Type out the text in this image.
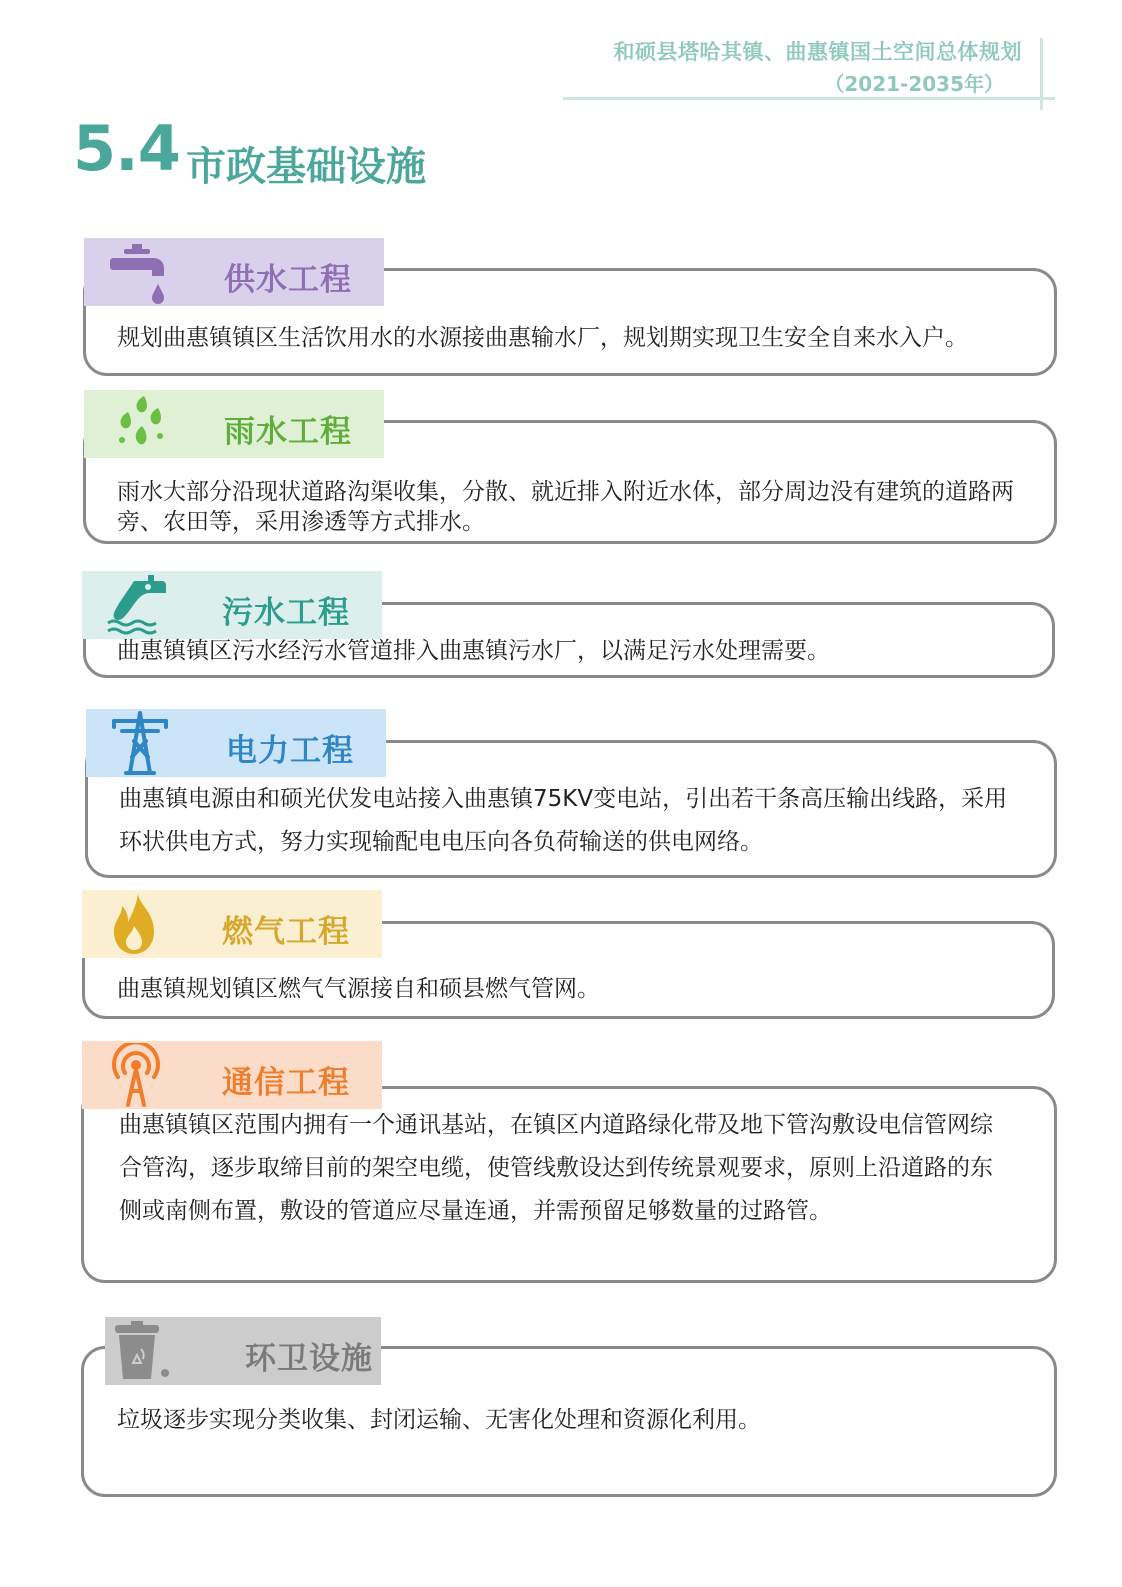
和硕县塔哈其镇、曲惠镇国土空间总体规划
（2021-2035年）
5.4 市政基础设施
供水工程
规划曲惠镇镇区生活饮用水的水源接曲惠输水厂，规划期实现卫生安全自来水入户。
雨水工程
雨水大部分沿现状道路沟渠收集，分散、就近排入附近水体，部分周边没有建筑的道路两
旁、农田等，采用渗透等方式排水。
污水工程
曲惠镇镇区污水经污水管道排入曲惠镇污水厂，以满足污水处理需要。
电力工程
曲惠镇电源由和硕光伏发电站接入曲惠镇75KV变电站，引出若干条高压输出线路，采用
环状供电方式，努力实现输配电电压向各负荷输送的供电网络。
燃气工程
曲惠镇规划镇区燃气气源接自和硕县燃气管网。
通信工程
曲惠镇镇区范围内拥有一个通讯基站，在镇区内道路绿化带及地下管沟敷设电信管网综
合管沟，逐步取缔目前的架空电缆，使管线敷设达到传统景观要求，原则上沿道路的东
侧或南侧布置，敷设的管道应尽量连通，并需预留足够数量的过路管。
环卫设施
垃圾逐步实现分类收集、封闭运输、无害化处理和资源化利用。
